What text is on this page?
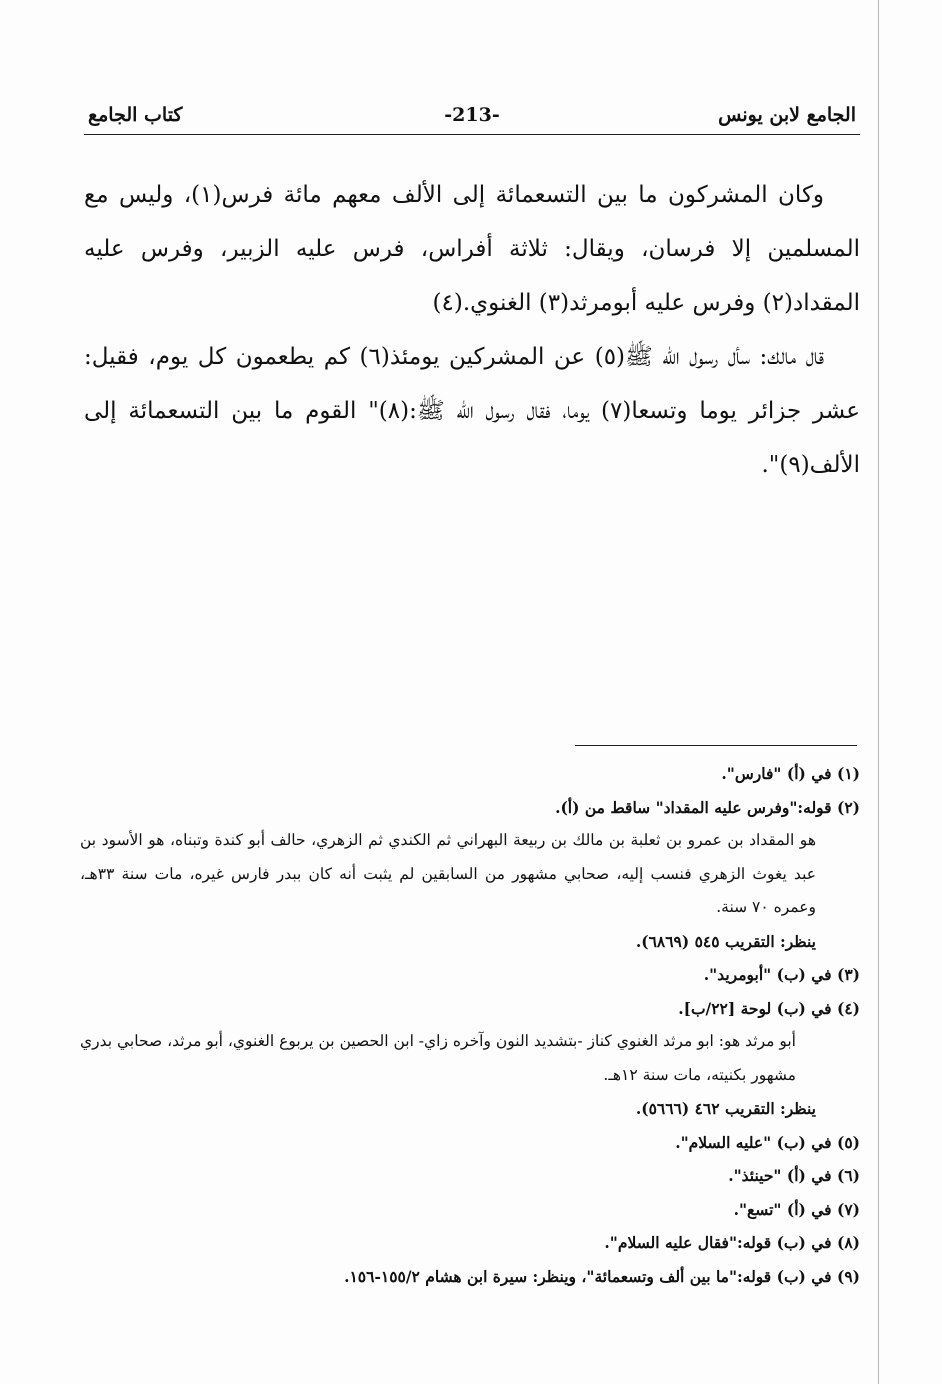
الجامع لابن يونس
-213-
كتاب الجامع

وكان المشركون ما بين التسعمائة إلى الألف معهم مائة فرس(١)، وليس مع المسلمين إلا فرسان، ويقال: ثلاثة أفراس، فرس عليه الزبير، وفرس عليه المقداد(٢) وفرس عليه أبومرثد(٣) الغنوي.(٤)

قال مالك: سأل رسول الله ﷺ(٥) عن المشركين يومئذ(٦) كم يطعمون كل يوم، فقيل: عشر جزائر يوما وتسعا(٧) يوما، فقال رسول الله ﷺ:(٨)" القوم ما بين التسعمائة إلى الألف(٩)".

(١) في (أ) "فارس".

(٢) قوله:"وفرس عليه المقداد" ساقط من (أ).

هو المقداد بن عمرو بن ثعلبة بن مالك بن ربيعة البهراني ثم الكندي ثم الزهري، حالف أبو كندة وتبناه، هو الأسود بن عبد يغوث الزهري فنسب إليه، صحابي مشهور من السابقين لم يثبت أنه كان ببدر فارس غيره، مات سنة ٣٣هـ، وعمره ٧٠ سنة.

ينظر: التقريب ٥٤٥ (٦٨٦٩).

(٣) في (ب) "أبومريد".

(٤) في (ب) لوحة [٢٢/ب].

أبو مرثد هو: ابو مرثد الغنوي كناز -بتشديد النون وآخره زاي- ابن الحصين بن يربوع الغنوي، أبو مرثد، صحابي بدري مشهور بكنيته، مات سنة ١٢هـ.

ينظر: التقريب ٤٦٢ (٥٦٦٦).

(٥) في (ب) "عليه السلام".

(٦) في (أ) "حينئذ".

(٧) في (أ) "تسع".

(٨) في (ب) قوله:"فقال عليه السلام".

(٩) في (ب) قوله:"ما بين ألف وتسعمائة"، وينظر: سيرة ابن هشام ١٥٥/٢-١٥٦.
